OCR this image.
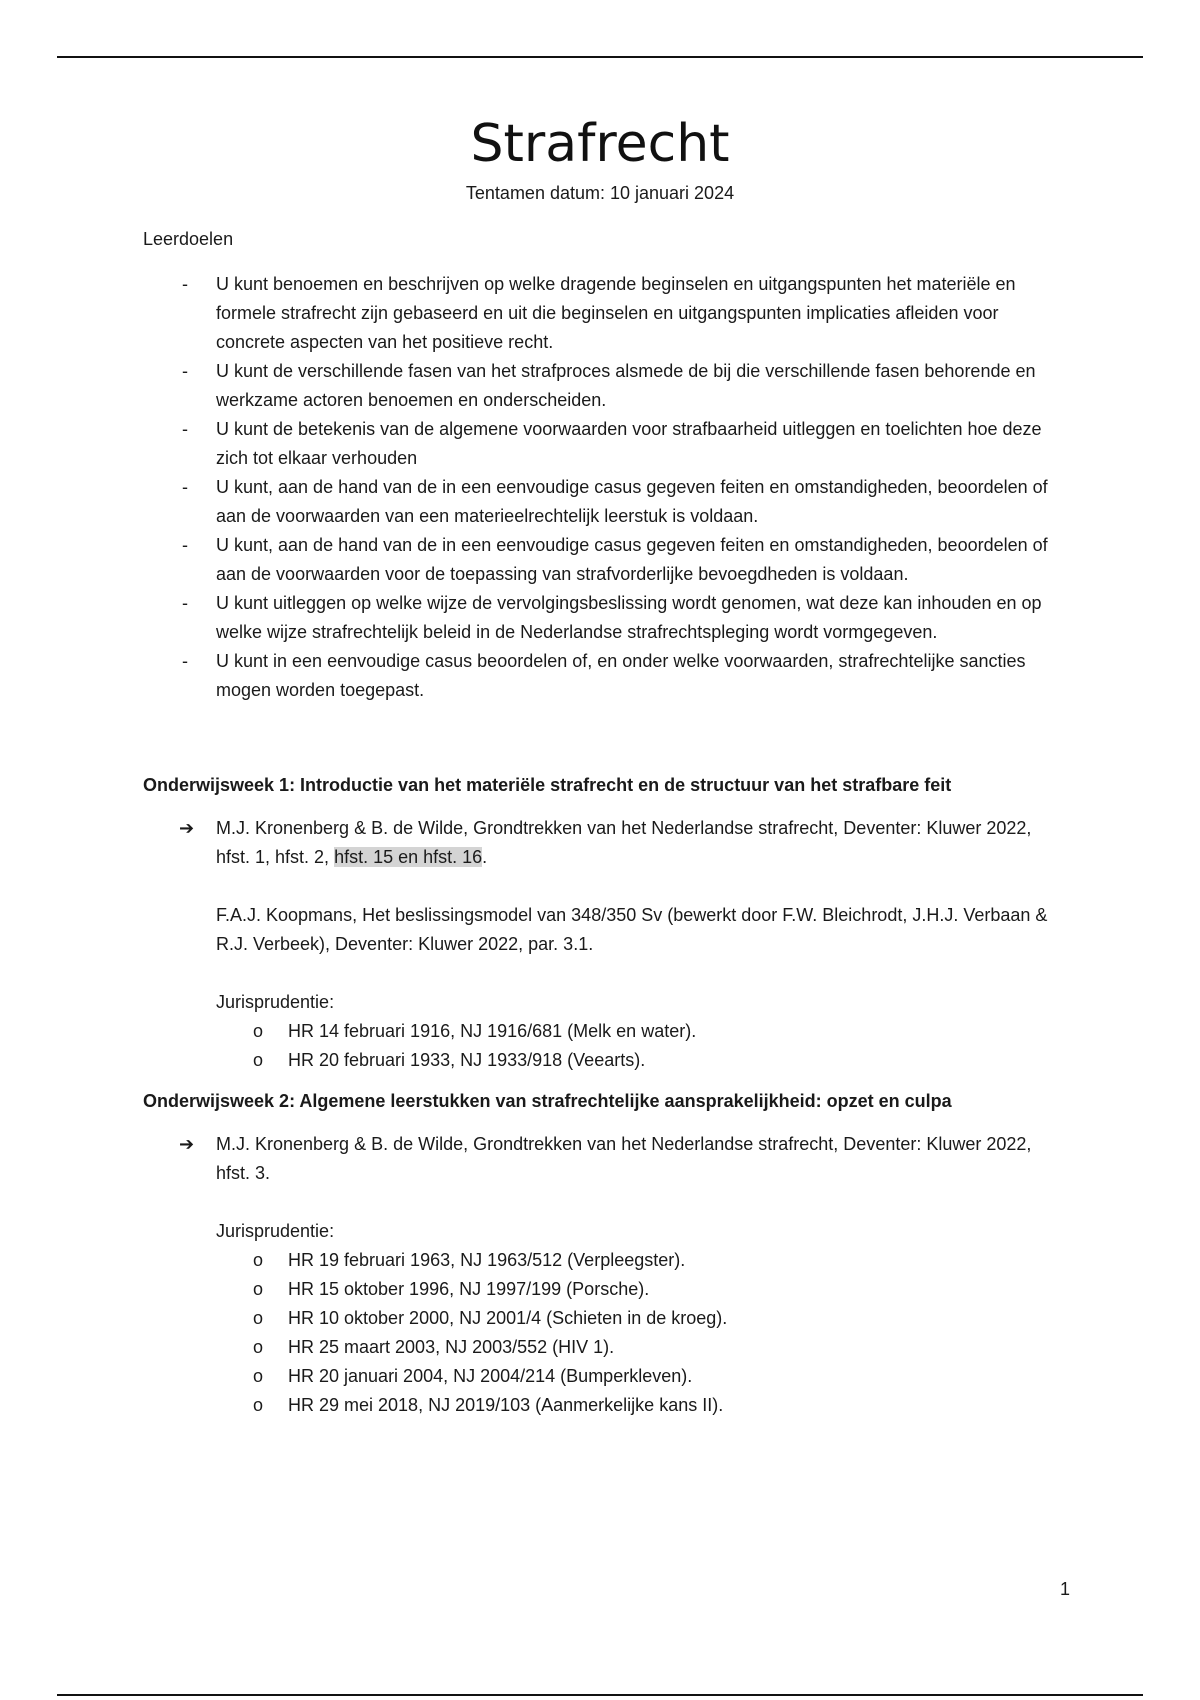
Strafrecht
Tentamen datum: 10 januari 2024

Leerdoelen

- U kunt benoemen en beschrijven op welke dragende beginselen en uitgangspunten het materiële en formele strafrecht zijn gebaseerd en uit die beginselen en uitgangspunten implicaties afleiden voor concrete aspecten van het positieve recht.
- U kunt de verschillende fasen van het strafproces alsmede de bij die verschillende fasen behorende en werkzame actoren benoemen en onderscheiden.
- U kunt de betekenis van de algemene voorwaarden voor strafbaarheid uitleggen en toelichten hoe deze zich tot elkaar verhouden
- U kunt, aan de hand van de in een eenvoudige casus gegeven feiten en omstandigheden, beoordelen of aan de voorwaarden van een materieelrechtelijk leerstuk is voldaan.
- U kunt, aan de hand van de in een eenvoudige casus gegeven feiten en omstandigheden, beoordelen of aan de voorwaarden voor de toepassing van strafvorderlijke bevoegdheden is voldaan.
- U kunt uitleggen op welke wijze de vervolgingsbeslissing wordt genomen, wat deze kan inhouden en op welke wijze strafrechtelijk beleid in de Nederlandse strafrechtspleging wordt vormgegeven.
- U kunt in een eenvoudige casus beoordelen of, en onder welke voorwaarden, strafrechtelijke sancties mogen worden toegepast.

Onderwijsweek 1: Introductie van het materiële strafrecht en de structuur van het strafbare feit

➔ M.J. Kronenberg & B. de Wilde, Grondtrekken van het Nederlandse strafrecht, Deventer: Kluwer 2022, hfst. 1, hfst. 2, hfst. 15 en hfst. 16.
F.A.J. Koopmans, Het beslissingsmodel van 348/350 Sv (bewerkt door F.W. Bleichrodt, J.H.J. Verbaan & R.J. Verbeek), Deventer: Kluwer 2022, par. 3.1.
Jurisprudentie:
o HR 14 februari 1916, NJ 1916/681 (Melk en water).
o HR 20 februari 1933, NJ 1933/918 (Veearts).

Onderwijsweek 2: Algemene leerstukken van strafrechtelijke aansprakelijkheid: opzet en culpa

➔ M.J. Kronenberg & B. de Wilde, Grondtrekken van het Nederlandse strafrecht, Deventer: Kluwer 2022, hfst. 3.
Jurisprudentie:
o HR 19 februari 1963, NJ 1963/512 (Verpleegster).
o HR 15 oktober 1996, NJ 1997/199 (Porsche).
o HR 10 oktober 2000, NJ 2001/4 (Schieten in de kroeg).
o HR 25 maart 2003, NJ 2003/552 (HIV 1).
o HR 20 januari 2004, NJ 2004/214 (Bumperkleven).
o HR 29 mei 2018, NJ 2019/103 (Aanmerkelijke kans II).
1
